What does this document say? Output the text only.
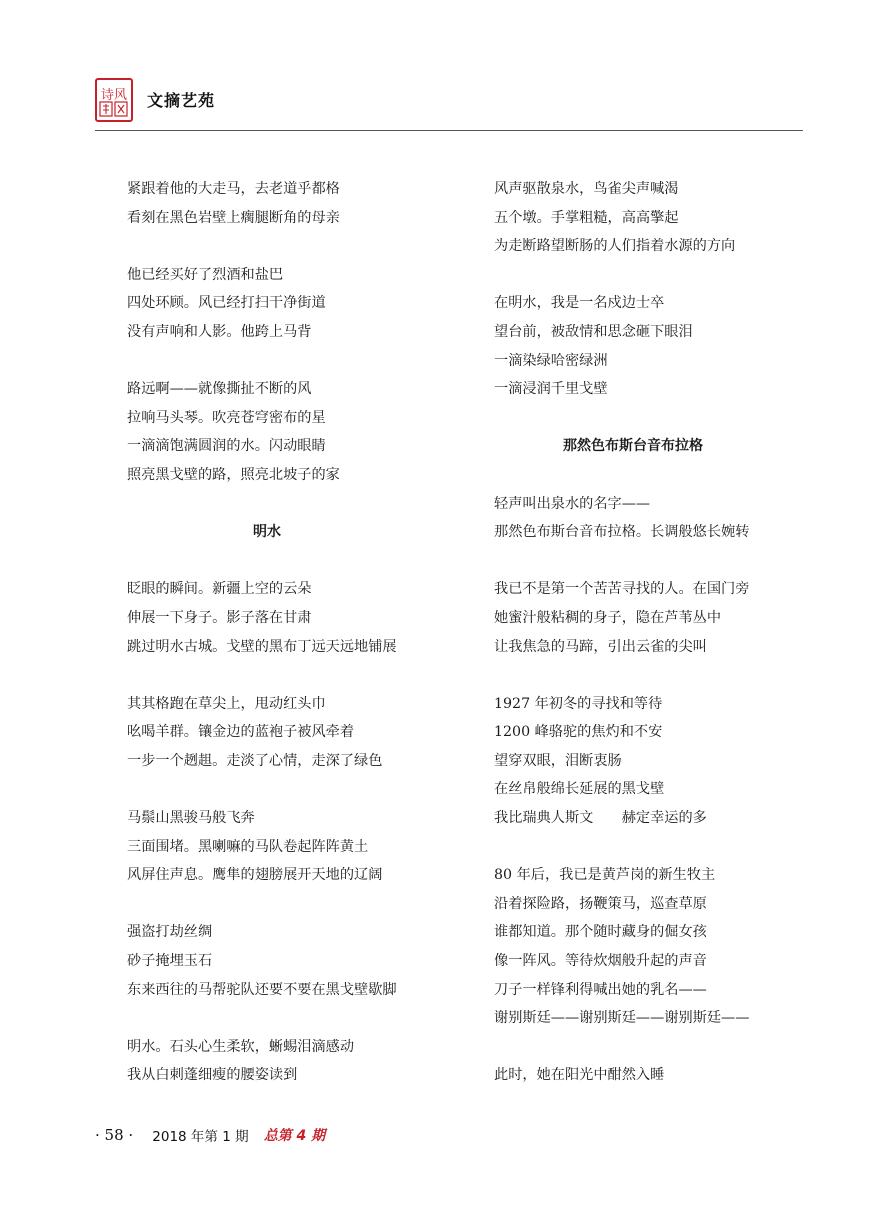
诗风 文摘艺苑
紧跟着他的大走马，去老道乎都格
看刻在黑色岩壁上瘸腿断角的母亲
他已经买好了烈酒和盐巴
四处环顾。风已经打扫干净街道
没有声响和人影。他跨上马背
路远啊——就像撕扯不断的风
拉响马头琴。吹亮苍穹密布的星
一滴滴饱满圆润的水。闪动眼睛
照亮黑戈壁的路，照亮北坡子的家
明水
眨眼的瞬间。新疆上空的云朵
伸展一下身子。影子落在甘肃
跳过明水古城。戈壁的黑布丁远天远地铺展
其其格跑在草尖上，甩动红头巾
吆喝羊群。镶金边的蓝袍子被风牵着
一步一个趔趄。走淡了心情，走深了绿色
马鬃山黑骏马般飞奔
三面围堵。黑喇嘛的马队卷起阵阵黄土
风屏住声息。鹰隼的翅膀展开天地的辽阔
强盗打劫丝绸
砂子掩埋玉石
东来西往的马帮驼队还要不要在黑戈壁歇脚
明水。石头心生柔软，蜥蜴泪滴感动
我从白刺蓬细瘦的腰姿读到
风声驱散泉水，鸟雀尖声喊渴
五个墩。手掌粗糙，高高擎起
为走断路望断肠的人们指着水源的方向
在明水，我是一名戍边士卒
望台前，被敌情和思念砸下眼泪
一滴染绿哈密绿洲
一滴浸润千里戈壁
那然色布斯台音布拉格
轻声叫出泉水的名字——
那然色布斯台音布拉格。长调般悠长婉转
我已不是第一个苦苦寻找的人。在国门旁
她蜜汁般粘稠的身子，隐在芦苇丛中
让我焦急的马蹄，引出云雀的尖叫
1927 年初冬的寻找和等待
1200 峰骆驼的焦灼和不安
望穿双眼，泪断衷肠
在丝帛般绵长延展的黑戈壁
我比瑞典人斯文　　赫定幸运的多
80 年后，我已是黄芦岗的新生牧主
沿着探险路，扬鞭策马，巡查草原
谁都知道。那个随时藏身的倔女孩
像一阵风。等待炊烟般升起的声音
刀子一样锋利得喊出她的乳名——
谢别斯廷——谢别斯廷——谢别斯廷——
此时，她在阳光中酣然入睡
· 58 · 2018 年第 1 期 总第 4 期
